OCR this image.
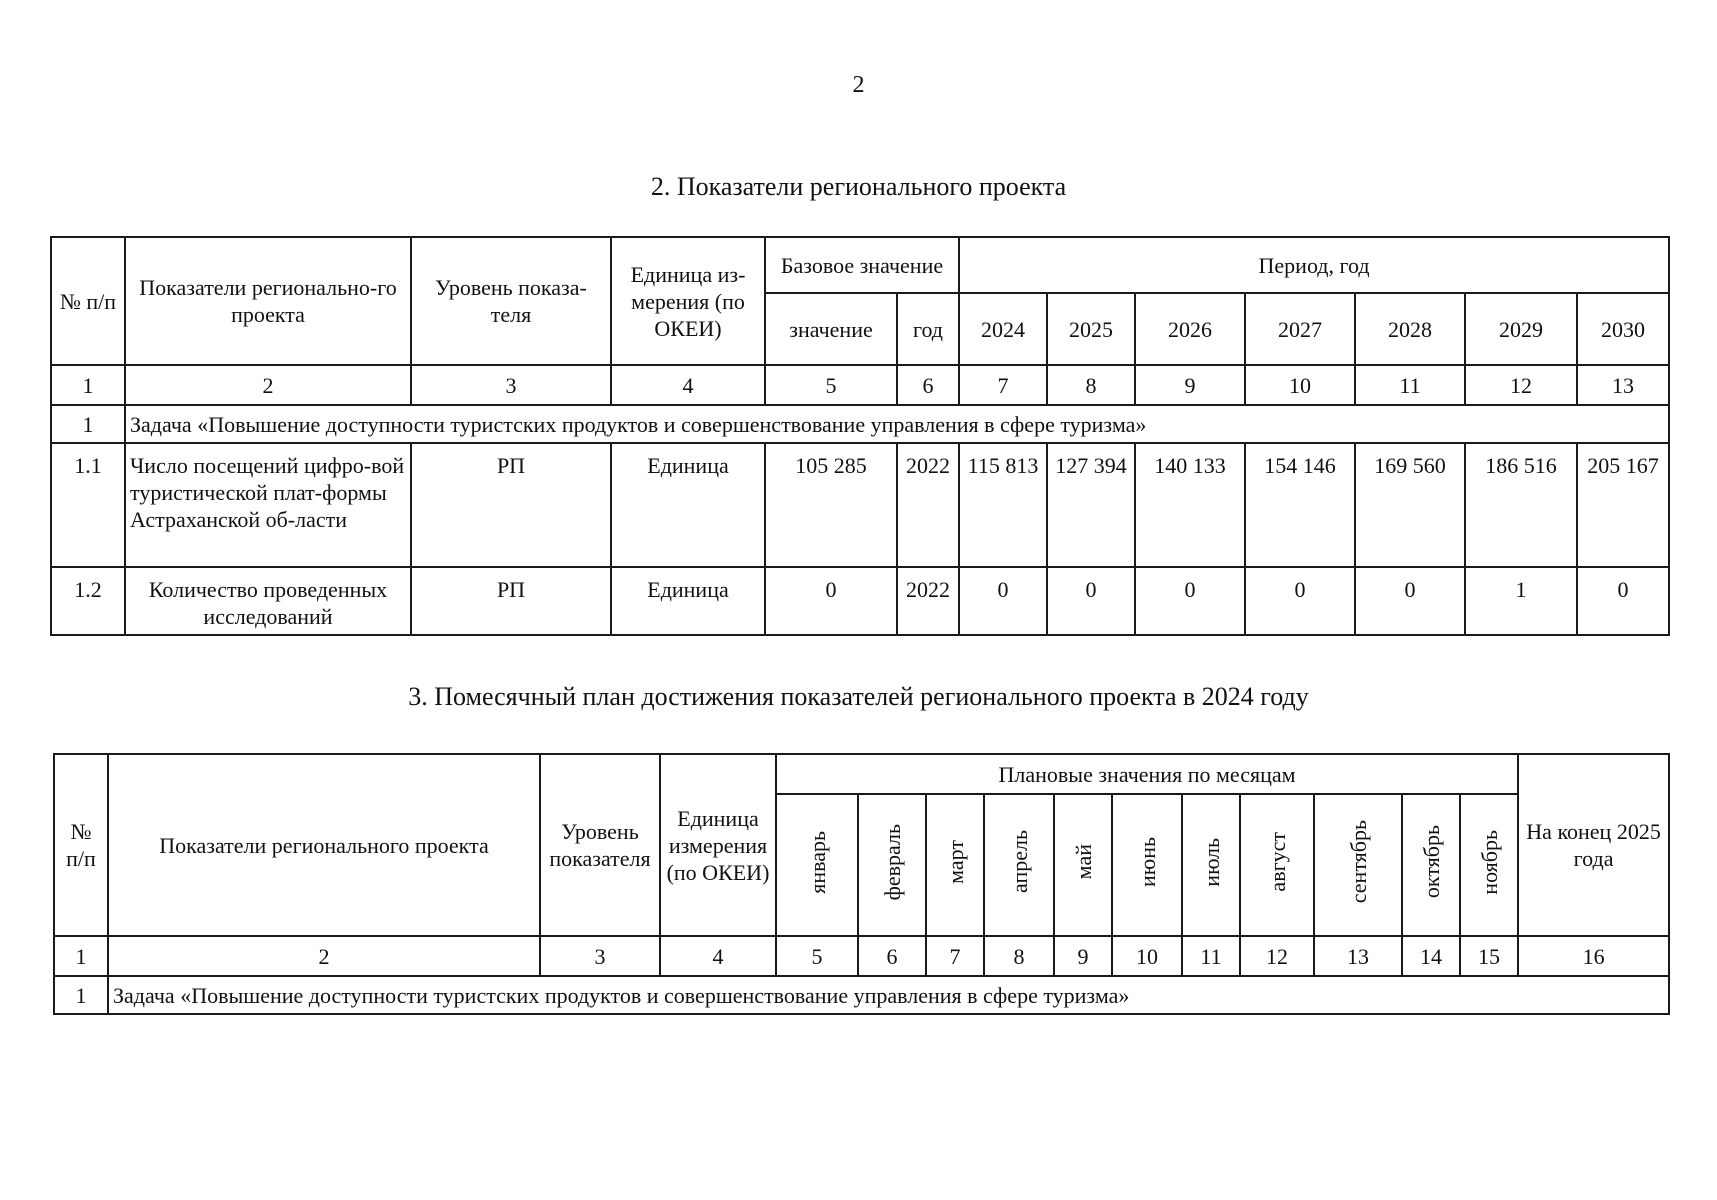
2
2. Показатели регионального проекта
№ п/п	Показатели регионально-го проекта	Уровень показа-теля	Единица из-мерения (по ОКЕИ)	Базовое значение		Период, год						
				значение	год	2024	2025	2026	2027	2028	2029	2030
1	2	3	4	5	6	7	8	9	10	11	12	13
1	Задача «Повышение доступности туристских продуктов и совершенствование управления в сфере туризма»											
1.1	Число посещений цифро-вой туристической плат-формы Астраханской об-ласти	РП	Единица	105 285	2022	115 813	127 394	140 133	154 146	169 560	186 516	205 167
1.2	Количество проведенных исследований	РП	Единица	0	2022	0	0	0	0	0	1	0
3. Помесячный план достижения показателей регионального проекта в 2024 году
№ п/п	Показатели регионального проекта	Уровень показателя	Единица измерения (по ОКЕИ)	Плановые значения по месяцам											На конец 2025 года
				январь	февраль	март	апрель	май	июнь	июль	август	сентябрь	октябрь	ноябрь	
1	2	3	4	5	6	7	8	9	10	11	12	13	14	15	16
1	Задача «Повышение доступности туристских продуктов и совершенствование управления в сфере туризма»														
